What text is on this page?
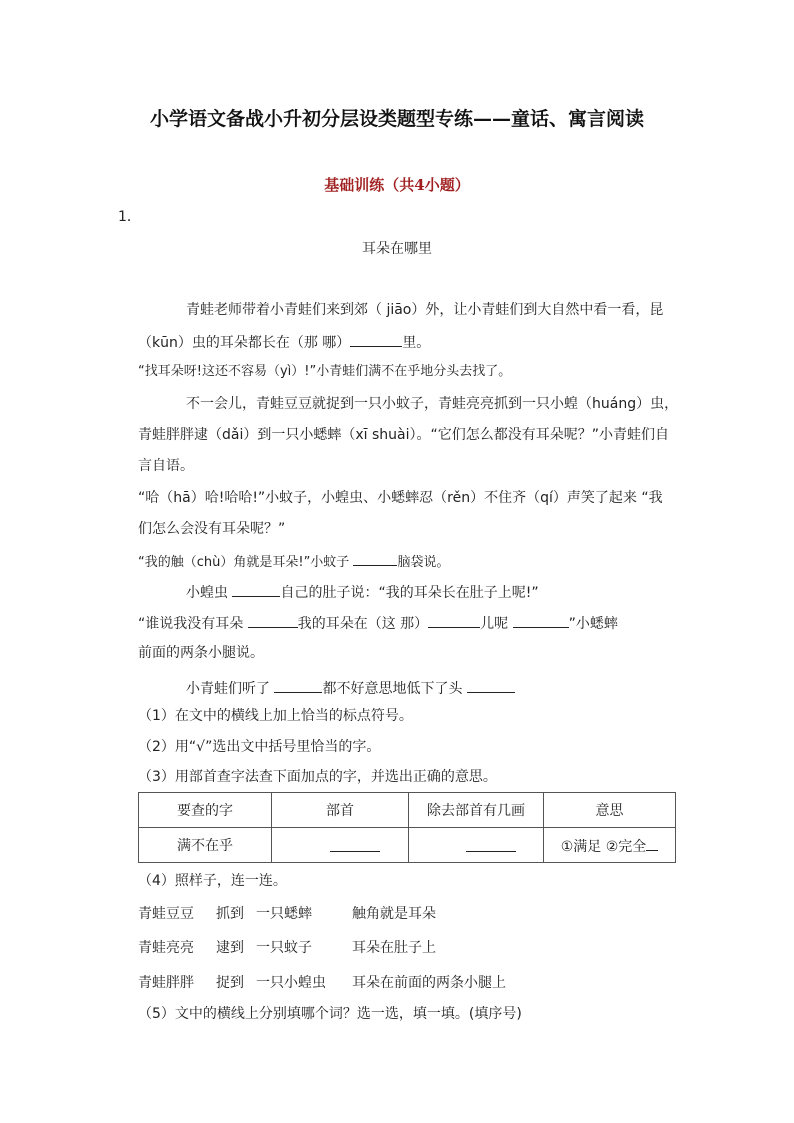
小学语文备战小升初分层设类题型专练——童话、寓言阅读
基础训练（共4小题）
1．
耳朵在哪里
青蛙老师带着小青蛙们来到郊（ jiāo）外，让小青蛙们到大自然中看一看，昆
（kūn）虫的耳朵都长在（那 哪）	里。
“找耳朵呀!这还不容易（yì）!”小青蛙们满不在乎地分头去找了。
不一会儿，青蛙豆豆就捉到一只小蚊子，青蛙亮亮抓到一只小蝗（huáng）虫，
青蛙胖胖逮（dǎi）到一只小蟋蟀（xī shuài）。“它们怎么都没有耳朵呢？”小青蛙们自
言自语。
“哈（hā）哈!哈哈!”小蚊子，小蝗虫、小蟋蟀忍（rěn）不住齐（qí）声笑了起来 “我
们怎么会没有耳朵呢？”
“我的触（chù）角就是耳朵!”小蚊子	脑袋说。
小蝗虫	自己的肚子说：“我的耳朵长在肚子上呢!”
“谁说我没有耳朵	我的耳朵在（这 那）	儿呢	”小蟋蟀
前面的两条小腿说。
小青蛙们听了	都不好意思地低下了头
（1）在文中的横线上加上恰当的标点符号。
（2）用“√”选出文中括号里恰当的字。
（3）用部首查字法查下面加点的字，并选出正确的意思。
要查的字	部首	除去部首有几画	意思
满不在乎			①满足 ②完全
（4）照样子，连一连。
青蛙豆豆 抓到 一只蟋蟀	触角就是耳朵
青蛙亮亮 逮到 一只蚊子	耳朵在肚子上
青蛙胖胖 捉到 一只小蝗虫 耳朵在前面的两条小腿上
（5）文中的横线上分别填哪个词？选一选，填一填。(填序号)
